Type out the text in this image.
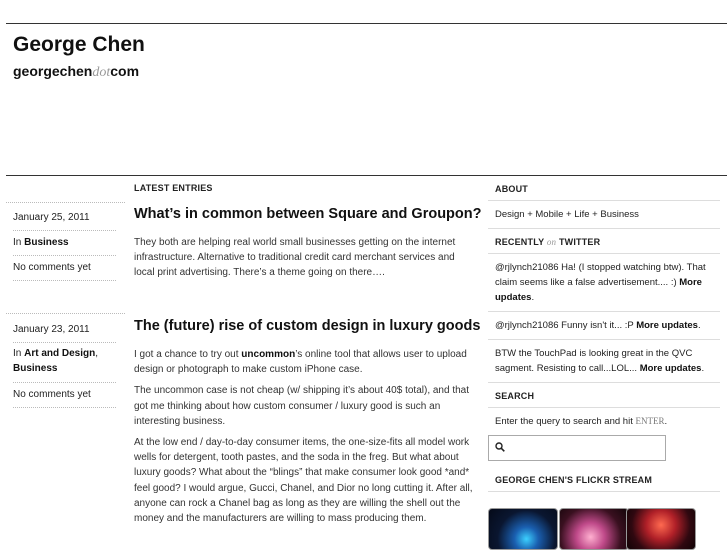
George Chen
georgechendotcom
LATEST ENTRIES
January 25, 2011
In Business
No comments yet
What’s in common between Square and Groupon?

They both are helping real world small businesses getting on the internet infrastructure. Alternative to traditional credit card merchant services and local print advertising. There’s a theme going on there….

January 23, 2011
In Art and Design,
Business
No comments yet
The (future) rise of custom design in luxury goods

I got a chance to try out uncommon’s online tool that allows user to upload design or photograph to make custom iPhone case.

The uncommon case is not cheap (w/ shipping it’s about 40$ total), and that got me thinking about how custom consumer / luxury good is such an interesting business.

At the low end / day-to-day consumer items, the one-size-fits all model work wells for detergent, tooth pastes, and the soda in the freg. But what about luxury goods? What about the “blings” that make consumer look good *and* feel good? I would argue, Gucci, Chanel, and Dior no long cutting it. After all, anyone can rock a Chanel bag as long as they are willing the shell out the money and the manufacturers are willing to mass producing them.

ABOUT
Design + Mobile + Life + Business
RECENTLY on TWITTER
@rjlynch21086 Ha! (I stopped watching btw). That claim seems like a false advertisement.... :) More updates.
@rjlynch21086 Funny isn't it... :P More updates.
BTW the TouchPad is looking great in the QVC sagment. Resisting to call...LOL... More updates.
SEARCH
Enter the query to search and hit ENTER.
GEORGE CHEN'S FLICKR STREAM
